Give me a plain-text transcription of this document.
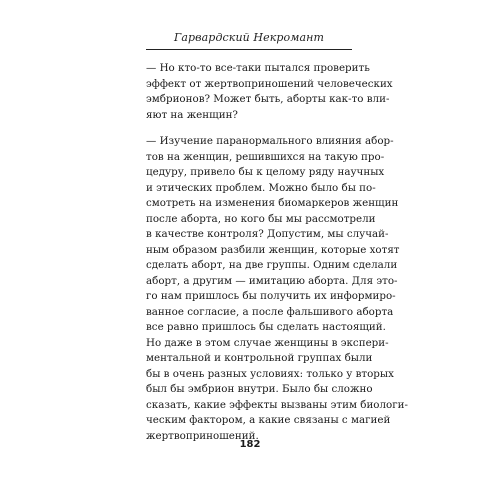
Гарвардский Некромант

— Но кто-то все-таки пытался проверить
эффект от жертвоприношений человеческих
эмбрионов? Может быть, аборты как-то вли-
яют на женщин?

— Изучение паранормального влияния абор-
тов на женщин, решившихся на такую про-
цедуру, привело бы к целому ряду научных
и этических проблем. Можно было бы по-
смотреть на изменения биомаркеров женщин
после аборта, но кого бы мы рассмотрели
в качестве контроля? Допустим, мы случай-
ным образом разбили женщин, которые хотят
сделать аборт, на две группы. Одним сделали
аборт, а другим — имитацию аборта. Для это-
го нам пришлось бы получить их информиро-
ванное согласие, а после фальшивого аборта
все равно пришлось бы сделать настоящий.
Но даже в этом случае женщины в экспери-
ментальной и контрольной группах были
бы в очень разных условиях: только у вторых
был бы эмбрион внутри. Было бы сложно
сказать, какие эффекты вызваны этим биологи-
ческим фактором, а какие связаны с магией
жертвоприношений.

182
